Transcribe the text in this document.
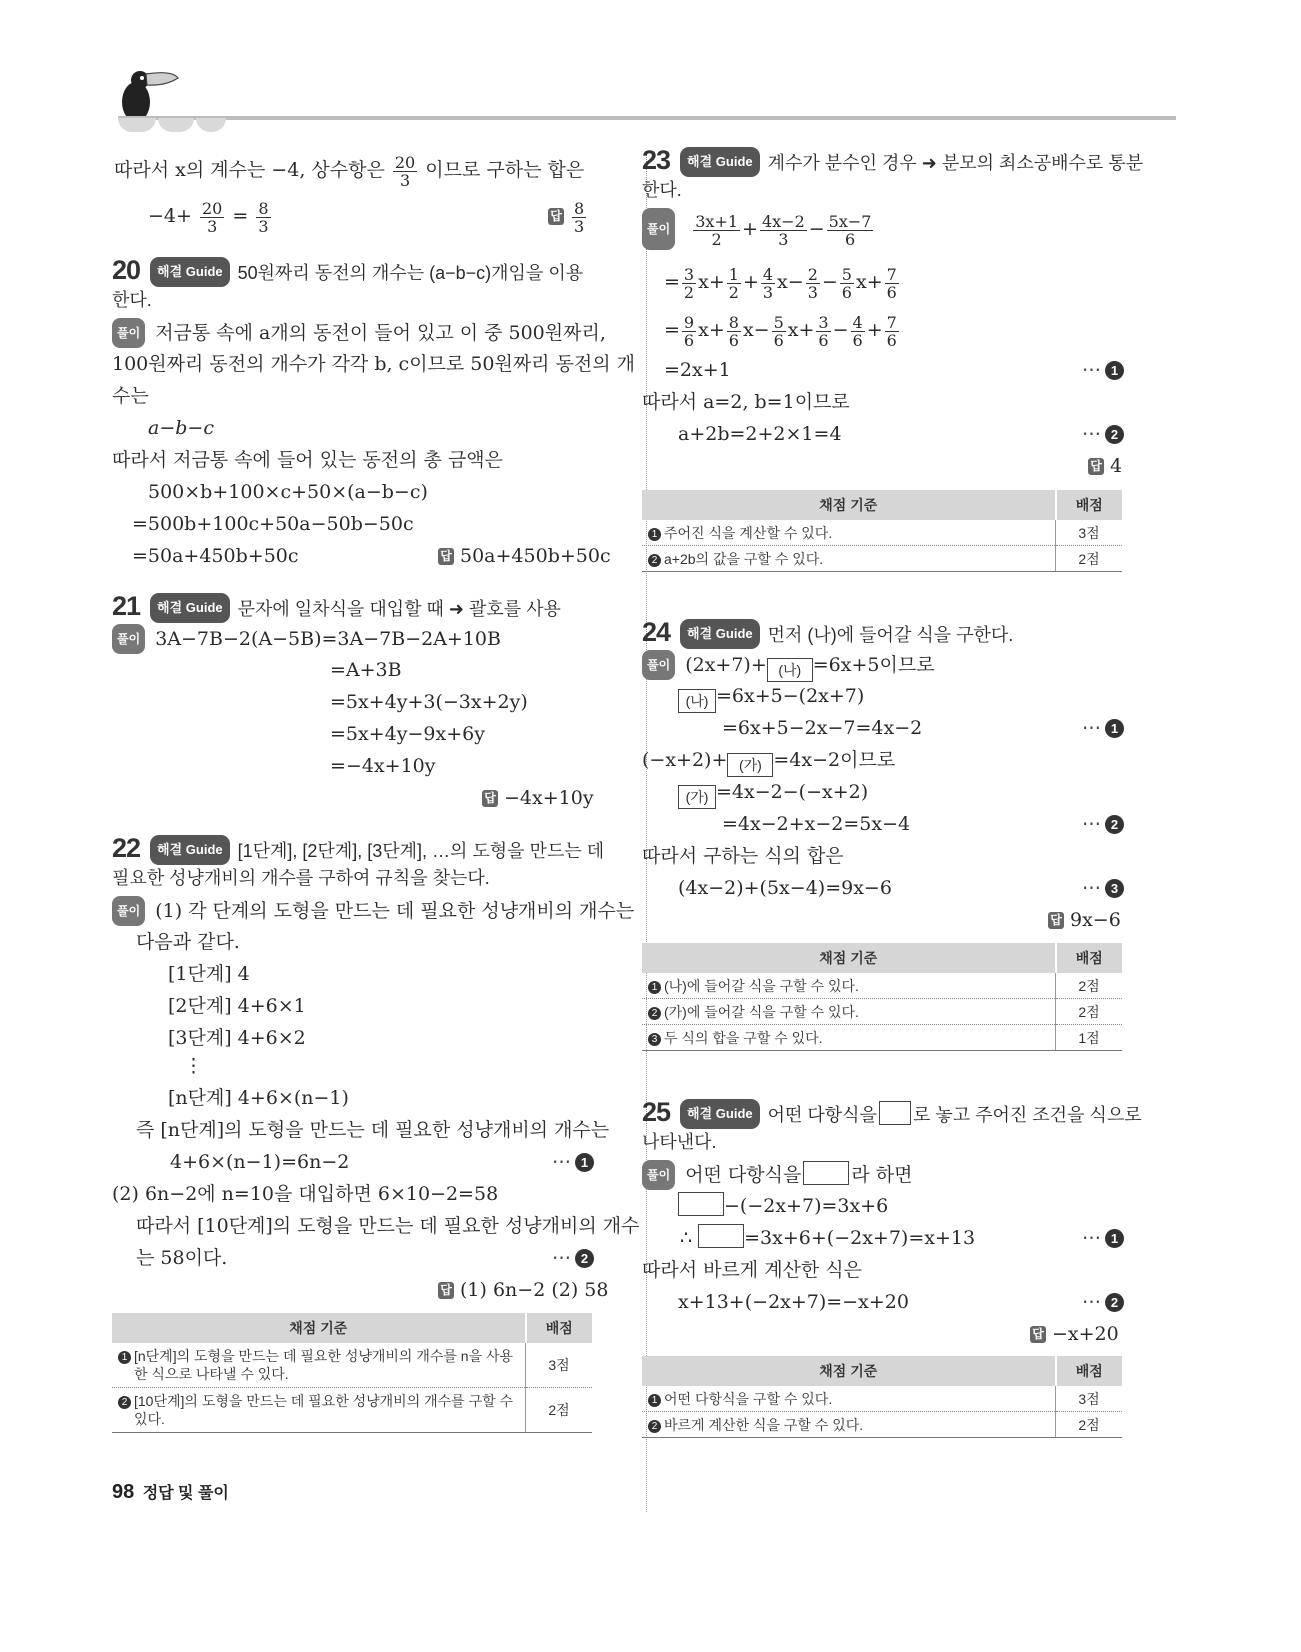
따라서 x의 계수는 −4, 상수항은 $\frac{20}{3}$ 이므로 구하는 합은
$-4+ \frac{20}{3} = \frac{8}{3}$	답 $\frac{8}{3}$
20 해결 Guide 50원짜리 동전의 개수는 (a−b−c)개임을 이용
한다.
풀이 저금통 속에 a개의 동전이 들어 있고 이 중 500원짜리,
100원짜리 동전의 개수가 각각 b, c이므로 50원짜리 동전의 개
수는
a−b−c
따라서 저금통 속에 들어 있는 동전의 총 금액은
500×b+100×c+50×(a−b−c)
=500b+100c+50a−50b−50c
=50a+450b+50c	답 50a+450b+50c
21 해결 Guide 문자에 일차식을 대입할 때 ➜ 괄호를 사용
풀이 3A−7B−2(A−5B)=3A−7B−2A+10B
=A+3B
=5x+4y+3(−3x+2y)
=5x+4y−9x+6y
=−4x+10y
답 −4x+10y
22 해결 Guide [1단계], [2단계], [3단계], …의 도형을 만드는 데
필요한 성냥개비의 개수를 구하여 규칙을 찾는다.
풀이 (1) 각 단계의 도형을 만드는 데 필요한 성냥개비의 개수는
다음과 같다.
[1단계] 4
[2단계] 4+6×1
[3단계] 4+6×2
⋮
[n단계] 4+6×(n−1)
즉 [n단계]의 도형을 만드는 데 필요한 성냥개비의 개수는
4+6×(n−1)=6n−2	⋯ 1
(2) 6n−2에 n=10을 대입하면 6×10−2=58
따라서 [10단계]의 도형을 만드는 데 필요한 성냥개비의 개수
는 58이다.	⋯ 2
답 (1) 6n−2 (2) 58
채점 기준	배점
1 [n단계]의 도형을 만드는 데 필요한 성냥개비의 개수를 n을 사용
한 식으로 나타낼 수 있다.	3점
2 [10단계]의 도형을 만드는 데 필요한 성냥개비의 개수를 구할 수
있다.	2점
23 해결 Guide 계수가 분수인 경우 ➜ 분모의 최소공배수로 통분
한다.
풀이 $\frac{3x+1}{2} + \frac{4x-2}{3} - \frac{5x-7}{6}$
= $\frac{3}{2} x+ \frac{1}{2} + \frac{4}{3} x- \frac{2}{3} - \frac{5}{6} x+ \frac{7}{6}$
= $\frac{9}{6} x+ \frac{8}{6} x- \frac{5}{6} x+ \frac{3}{6} - \frac{4}{6} + \frac{7}{6}$
=2x+1	⋯ 1
따라서 a=2, b=1이므로
a+2b=2+2×1=4	⋯ 2
답 4
채점 기준	배점
1 주어진 식을 계산할 수 있다.	3점
2 a+2b의 값을 구할 수 있다.	2점
24 해결 Guide 먼저 (나)에 들어갈 식을 구한다.
풀이 (2x+7)+ (나) =6x+5이므로
(나) =6x+5−(2x+7)
=6x+5−2x−7=4x−2	⋯ 1
(−x+2)+ (가) =4x−2이므로
(가) =4x−2−(−x+2)
=4x−2+x−2=5x−4	⋯ 2
따라서 구하는 식의 합은
(4x−2)+(5x−4)=9x−6	⋯ 3
답 9x−6
채점 기준	배점
1 (나)에 들어갈 식을 구할 수 있다.	2점
2 (가)에 들어갈 식을 구할 수 있다.	2점
3 두 식의 합을 구할 수 있다.	1점
25 해결 Guide 어떤 다항식을 로 놓고 주어진 조건을 식으로
나타낸다.
풀이 어떤 다항식을	라 하면
−(−2x+7)=3x+6
∴	=3x+6+(−2x+7)=x+13	⋯ 1
따라서 바르게 계산한 식은
x+13+(−2x+7)=−x+20	⋯ 2
답 −x+20
채점 기준	배점
1 어떤 다항식을 구할 수 있다.	3점
2 바르게 계산한 식을 구할 수 있다.	2점
98 정답 및 풀이
